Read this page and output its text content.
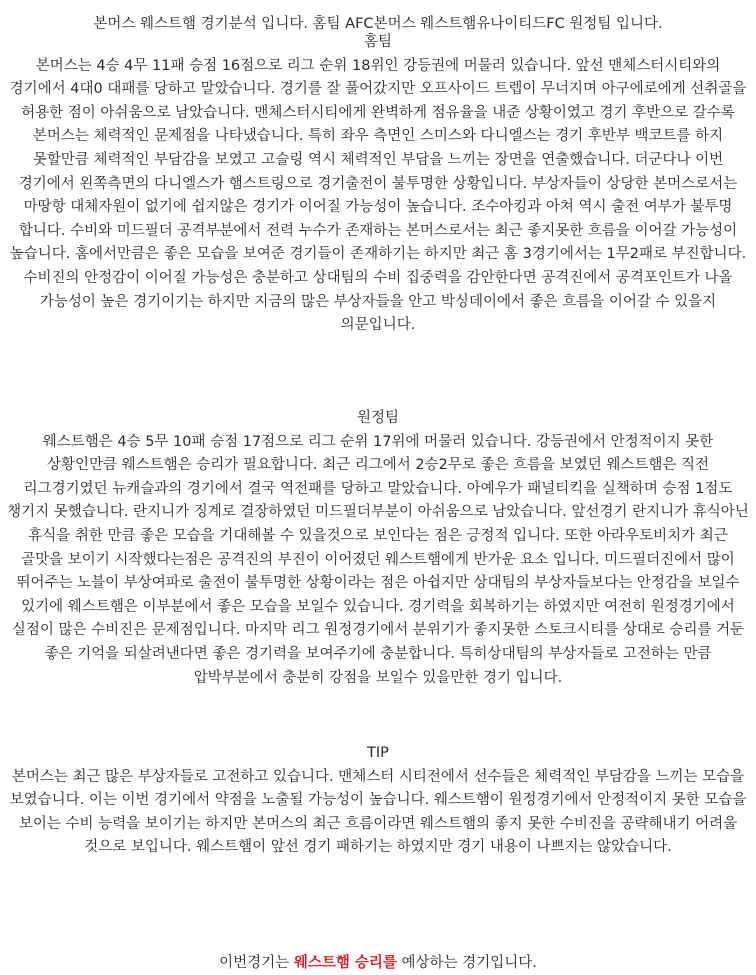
본머스 웨스트햄 경기분석 입니다. 홈팀 AFC본머스 웨스트햄유나이티드FC 원정팀 입니다.

홈팀

본머스는 4승 4무 11패 승점 16점으로 리그 순위 18위인 강등권에 머물러 있습니다. 앞선 맨체스터시티와의 경기에서 4대0 대패를 당하고 말았습니다. 경기를 잘 풀어갔지만 오프사이드 트렙이 무너지며 아구에로에게 선취골을 허용한 점이 아쉬움으로 남았습니다. 맨체스터시티에게 완벽하게 점유율을 내준 상황이였고 경기 후반으로 갈수록 본머스는 체력적인 문제점을 나타냈습니다. 특히 좌우 측면인 스미스와 다니엘스는 경기 후반부 백코트를 하지 못할만큼 체력적인 부담감을 보였고 고슬링 역시 체력적인 부담을 느끼는 장면을 연출했습니다. 더군다나 이번 경기에서 왼쪽측면의 다니엘스가 햄스트링으로 경기출전이 불투명한 상황입니다. 부상자들이 상당한 본머스로서는 마땅항 대체자원이 없기에 쉽지않은 경기가 이어질 가능성이 높습니다. 조수아킹과 아쳐 역시 출전 여부가 불투명 합니다. 수비와 미드필더 공격부분에서 전력 누수가 존재하는 본머스로서는 최근 좋지못한 흐름을 이어갈 가능성이 높습니다. 홈에서만큼은 좋은 모습을 보여준 경기들이 존재하기는 하지만 최근 홈 3경기에서는 1무2패로 부진합니다. 수비진의 안정감이 이어질 가능성은 충분하고 상대팀의 수비 집중력을 감안한다면 공격진에서 공격포인트가 나올 가능성이 높은 경기이기는 하지만 지금의 많은 부상자들을 안고 박싱데이에서 좋은 흐름을 이어갈 수 있을지 의문입니다.

원정팀

웨스트햄은 4승 5무 10패 승점 17점으로 리그 순위 17위에 머물러 있습니다. 강등권에서 안정적이지 못한 상황인만큼 웨스트햄은 승리가 필요합니다. 최근 리그에서 2승2무로 좋은 흐름을 보였던 웨스트햄은 직전 리그경기였던 뉴캐슬과의 경기에서 결국 역전패를 당하고 말았습니다. 아예우가 패널티킥을 실책하며 승점 1점도 챙기지 못했습니다. 란지니가 징계로 결장하였던 미드필더부분이 아쉬움으로 남았습니다. 앞선경기 란지니가 휴식아닌 휴식을 취한 만큼 좋은 모습을 기대해볼 수 있을것으로 보인다는 점은 긍정적 입니다. 또한 아라우토비치가 최근 골맛을 보이기 시작했다는점은 공격진의 부진이 이어졌던 웨스트햄에게 반가운 요소 입니다. 미드필더진에서 많이 뛰어주는 노블이 부상여파로 출전이 불투명한 상황이라는 점은 아쉽지만 상대팀의 부상자들보다는 안정감을 보일수 있기에 웨스트햄은 이부분에서 좋은 모습을 보일수 있습니다. 경기력을 회복하기는 하였지만 여전히 원정경기에서 실점이 많은 수비진은 문제점입니다. 마지막 리그 원정경기에서 분위기가 좋지못한 스토크시티를 상대로 승리를 거둔 좋은 기억을 되살려낸다면 좋은 경기력을 보여주기에 충분합니다. 특히상대팀의 부상자들로 고전하는 만큼 압박부분에서 충분히 강점을 보일수 있을만한 경기 입니다.

TIP

본머스는 최근 많은 부상자들로 고전하고 있습니다. 맨체스터 시티전에서 선수들은 체력적인 부담감을 느끼는 모습을 보였습니다. 이는 이번 경기에서 약점을 노출될 가능성이 높습니다. 웨스트햄이 원정경기에서 안정적이지 못한 모습을 보이는 수비 능력을 보이기는 하지만 본머스의 최근 흐름이라면 웨스트햄의 좋지 못한 수비진을 공략해내기 어려울 것으로 보입니다. 웨스트햄이 앞선 경기 패하기는 하였지만 경기 내용이 나쁘지는 않았습니다.

이번경기는 웨스트햄 승리를 예상하는 경기입니다.
